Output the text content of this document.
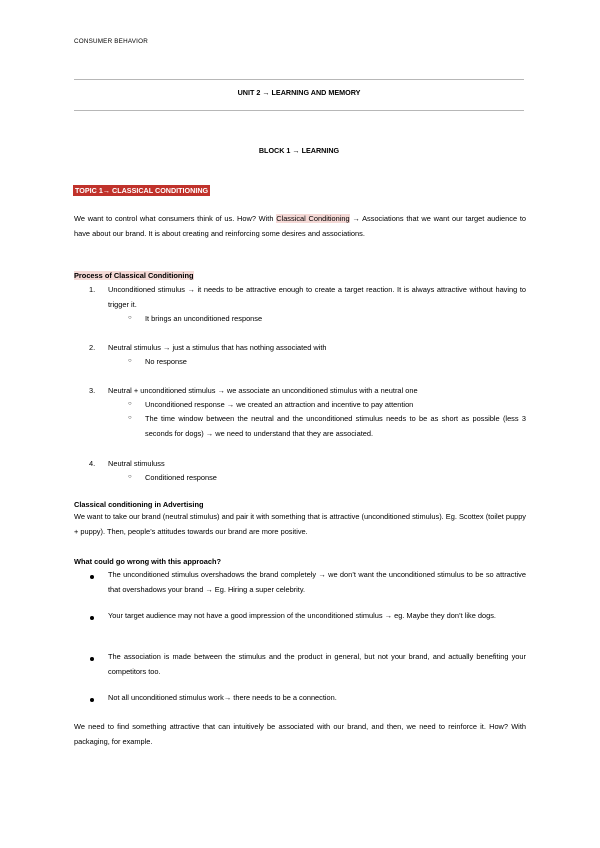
CONSUMER BEHAVIOR
UNIT 2 → LEARNING AND MEMORY
BLOCK 1 → LEARNING
TOPIC 1→ CLASSICAL CONDITIONING
We want to control what consumers think of us. How? With Classical Conditioning → Associations that we want our target audience to have about our brand. It is about creating and reinforcing some desires and associations.
Process of Classical Conditioning
1. Unconditioned stimulus → it needs to be attractive enough to create a target reaction. It is always attractive without having to trigger it.
○ It brings an unconditioned response
2. Neutral stimulus → just a stimulus that has nothing associated with
○ No response
3. Neutral + unconditioned stimulus → we associate an unconditioned stimulus with a neutral one
○ Unconditioned response → we created an attraction and incentive to pay attention
○ The time window between the neutral and the unconditioned stimulus needs to be as short as possible (less 3 seconds for dogs) → we need to understand that they are associated.
4. Neutral stimuluss
○ Conditioned response
Classical conditioning in Advertising
We want to take our brand (neutral stimulus) and pair it with something that is attractive (unconditioned stimulus). Eg. Scottex (toilet puppy + puppy). Then, people’s attitudes towards our brand are more positive.
What could go wrong with this approach?
The unconditioned stimulus overshadows the brand completely → we don’t want the unconditioned stimulus to be so attractive that overshadows your brand → Eg. Hiring a super celebrity.
Your target audience may not have a good impression of the unconditioned stimulus → eg. Maybe they don’t like dogs.
The association is made between the stimulus and the product in general, but not your brand, and actually benefiting your competitors too.
Not all unconditioned stimulus work→ there needs to be a connection.
We need to find something attractive that can intuitively be associated with our brand, and then, we need to reinforce it. How? With packaging, for example.
